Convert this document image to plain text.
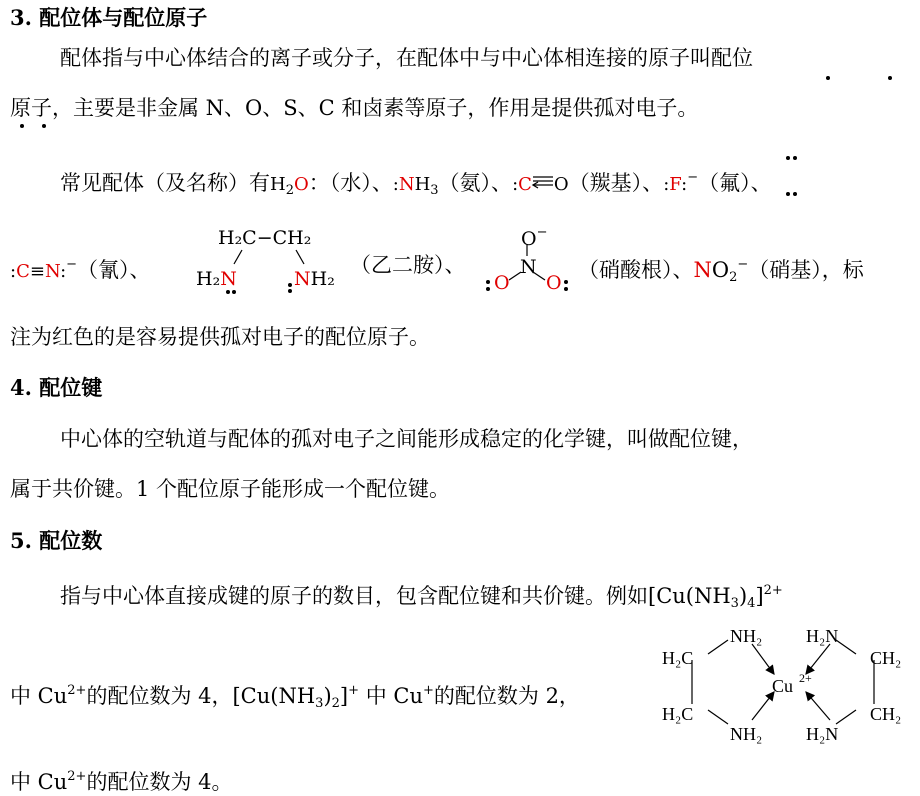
3. 配位体与配位原子
配体指与中心体结合的离子或分子，在配体中与中心体相连接的原子叫配位
原子，主要是非金属 N、O、S、C 和卤素等原子，作用是提供孤对电子。
常见配体（及名称）有$H_2O$：（水）、$:NH_3$（氨）、:C O（羰基）、:F:−（氟）、
:C≡N:−（氰）、
H₂C−CH₂
H₂N	NH₂
（乙二胺）、
O−
N
O O
（硝酸根）、$NO_2^-$（硝基），标
注为红色的是容易提供孤对电子的配位原子。
4. 配位键
中心体的空轨道与配体的孤对电子之间能形成稳定的化学键，叫做配位键，
属于共价键。1 个配位原子能形成一个配位键。
5. 配位数
指与中心体直接成键的原子的数目，包含配位键和共价键。例如$[Cu(NH_3)_4]^{2+}$
中 $Cu^{2+}$的配位数为 4，$[Cu(NH_3)_2]^+$ 中 Cu+的配位数为 2，
中 $Cu^{2+}$的配位数为 4。
NH₂ H₂N
H₂C	CH₂
Cu 2+
H₂C	CH₂
NH₂ H₂N
